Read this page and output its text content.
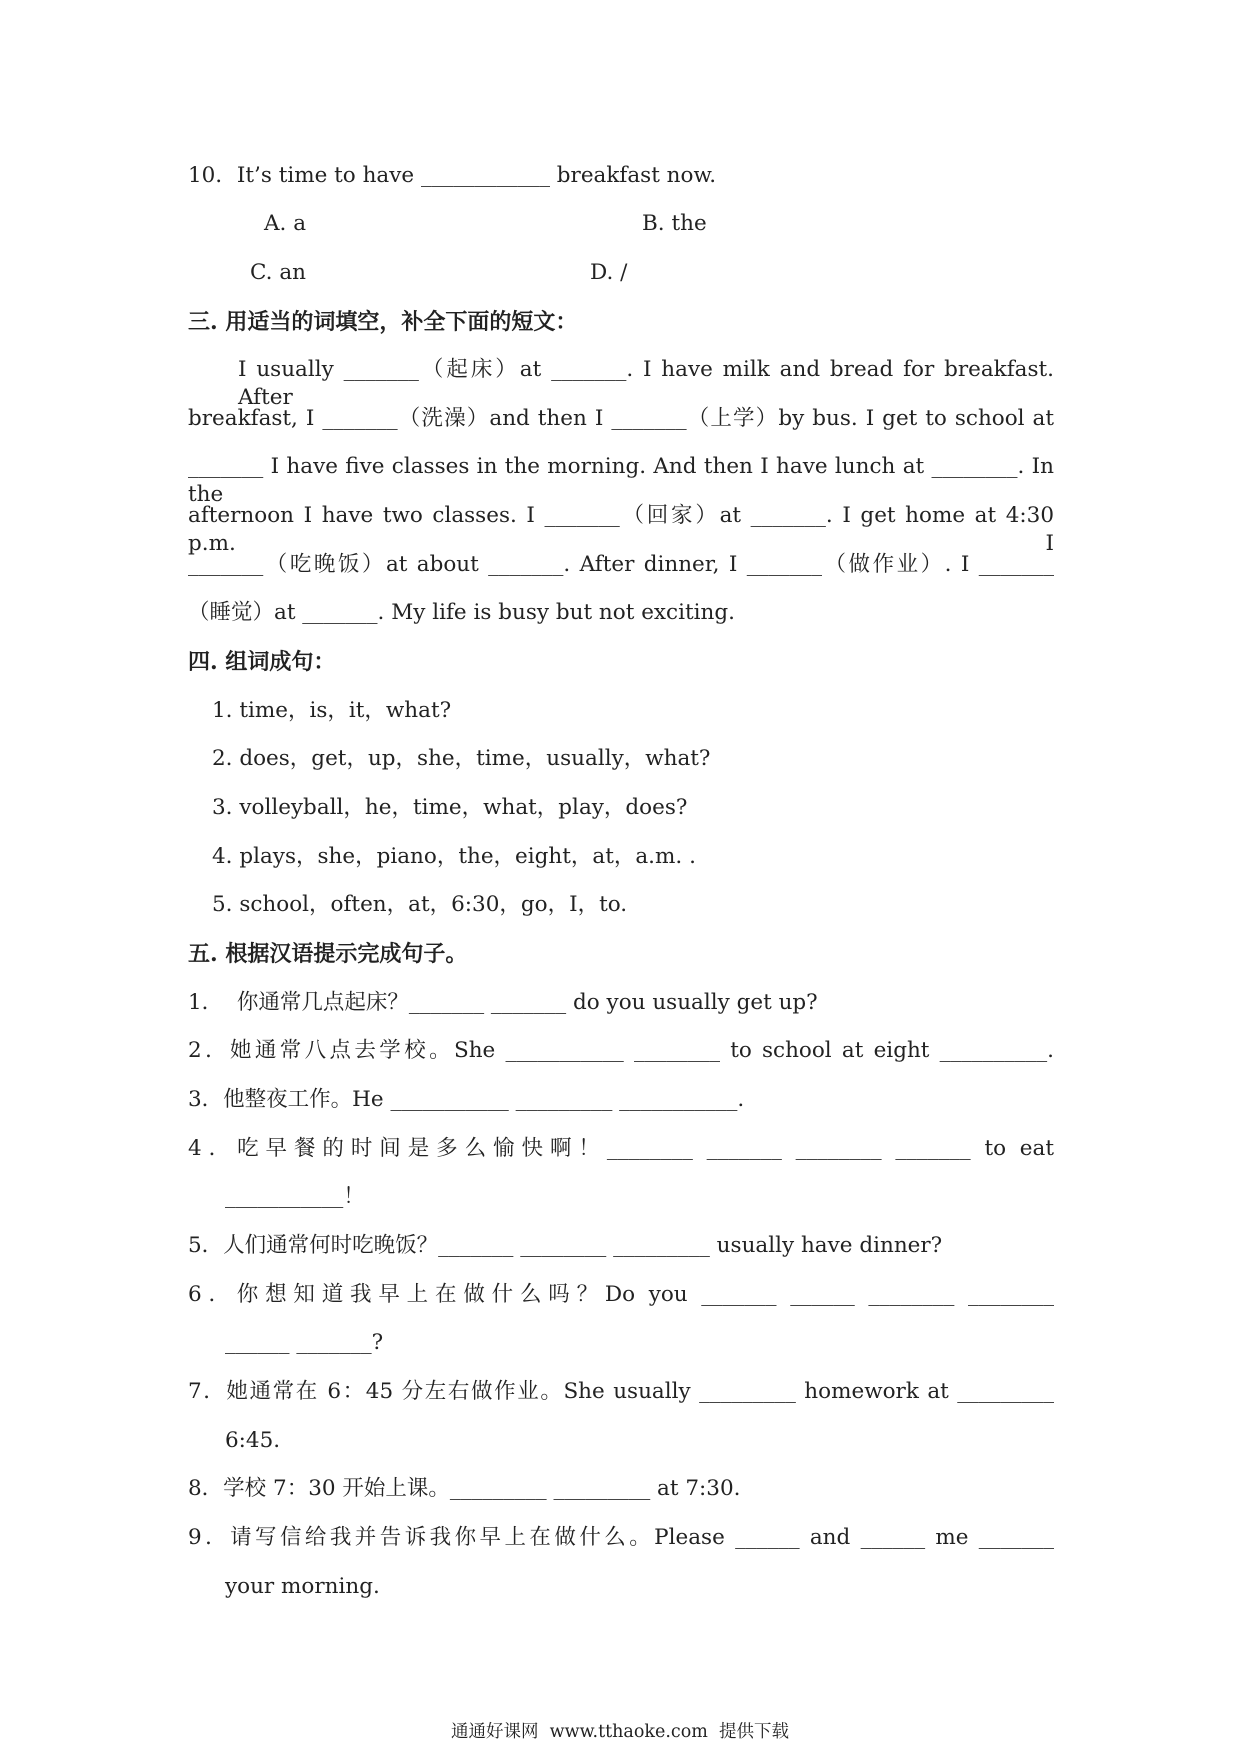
10．It’s time to have ____________ breakfast now.
A. a	B. the
C. an	D. /
三. 用适当的词填空，补全下面的短文：
I usually _______（起床）at _______. I have milk and bread for breakfast. After
breakfast, I _______（洗澡）and then I _______（上学）by bus. I get to school at
_______ I have five classes in the morning. And then I have lunch at ________. In the
afternoon I have two classes. I _______（回家）at _______. I get home at 4:30 p.m. I
_______（吃晚饭）at about _______. After dinner, I _______（做作业）. I _______
（睡觉）at _______. My life is busy but not exciting.
四. 组词成句：
1. time，is，it，what?
2. does，get，up，she，time，usually，what?
3. volleyball，he，time，what，play，does?
4. plays，she，piano，the，eight，at，a.m. .
5. school，often，at，6:30，go，I，to.
五. 根据汉语提示完成句子。
1．  你通常几点起床？_______ _______ do you usually get up?
2．她通常八点去学校。She ___________ ________ to school at eight __________.
3．他整夜工作。He ___________ _________ ___________.
4．吃早餐的时间是多么愉快啊！________ _______ ________ _______ to eat
___________！
5．人们通常何时吃晚饭？_______ ________ _________ usually have dinner?
6．你想知道我早上在做什么吗？Do you _______ ______ ________ ________
______ _______?
7．她通常在 6：45 分左右做作业。She usually _________ homework at _________
6:45.
8．学校 7：30 开始上课。_________ _________ at 7:30.
9．请写信给我并告诉我你早上在做什么。Please ______ and ______ me _______
your morning.
通通好课网  www.tthaoke.com  提供下载
